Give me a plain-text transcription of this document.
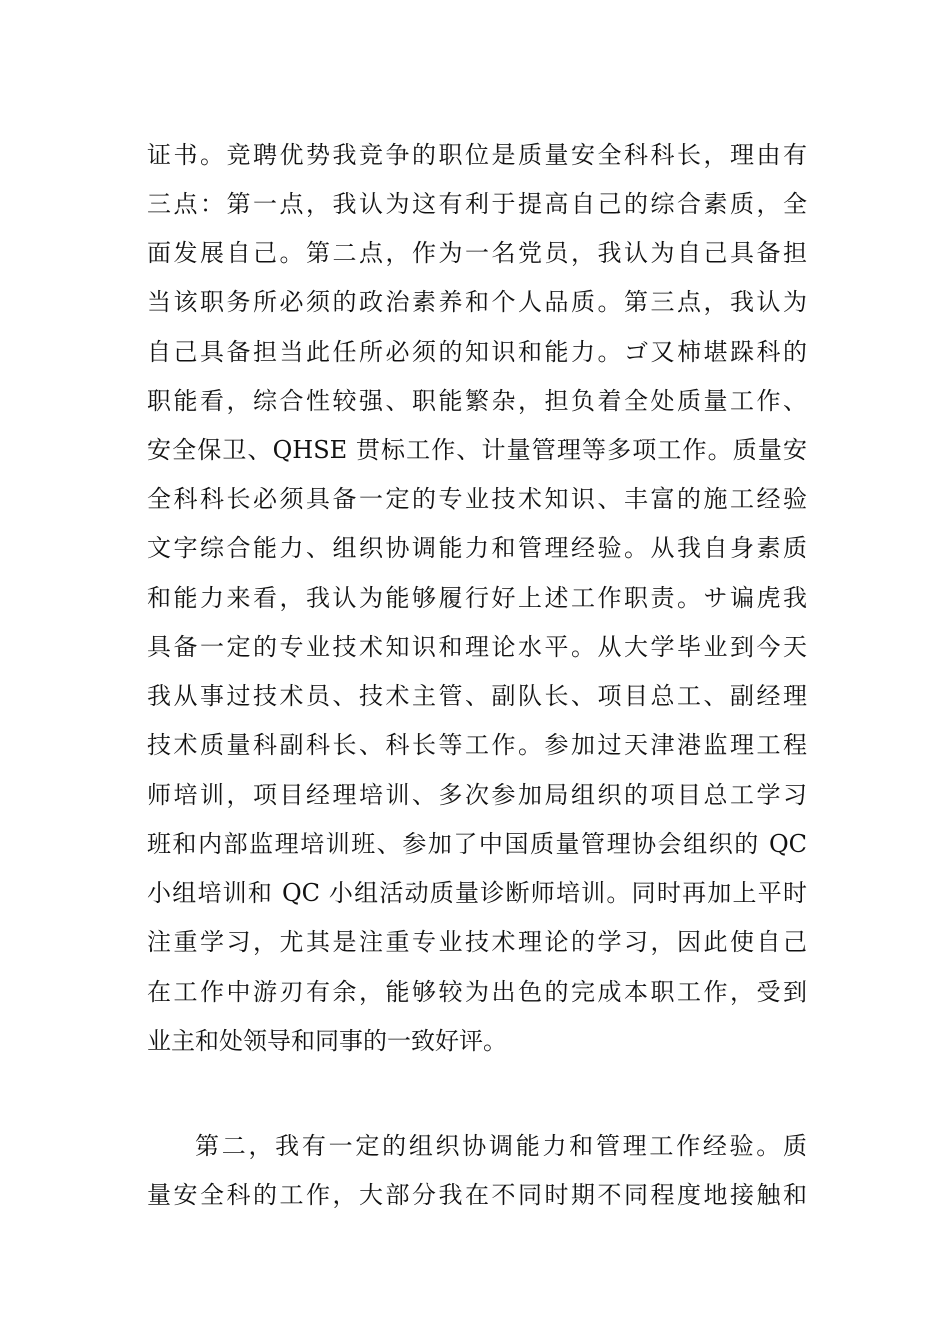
证书。竞聘优势我竞争的职位是质量安全科科长，理由有
三点：第一点，我认为这有利于提高自己的综合素质，全
面发展自己。第二点，作为一名党员，我认为自己具备担
当该职务所必须的政治素养和个人品质。第三点，我认为
自己具备担当此任所必须的知识和能力。ゴ又柿堪跺科的
职能看，综合性较强、职能繁杂，担负着全处质量工作、
安全保卫、QHSE 贯标工作、计量管理等多项工作。质量安
全科科长必须具备一定的专业技术知识、丰富的施工经验
文字综合能力、组织协调能力和管理经验。从我自身素质
和能力来看，我认为能够履行好上述工作职责。サ谝虎我
具备一定的专业技术知识和理论水平。从大学毕业到今天
我从事过技术员、技术主管、副队长、项目总工、副经理
技术质量科副科长、科长等工作。参加过天津港监理工程
师培训，项目经理培训、多次参加局组织的项目总工学习
班和内部监理培训班、参加了中国质量管理协会组织的 QC
小组培训和 QC 小组活动质量诊断师培训。同时再加上平时
注重学习，尤其是注重专业技术理论的学习，因此使自己
在工作中游刃有余，能够较为出色的完成本职工作，受到
业主和处领导和同事的一致好评。
第二，我有一定的组织协调能力和管理工作经验。质
量安全科的工作，大部分我在不同时期不同程度地接触和
